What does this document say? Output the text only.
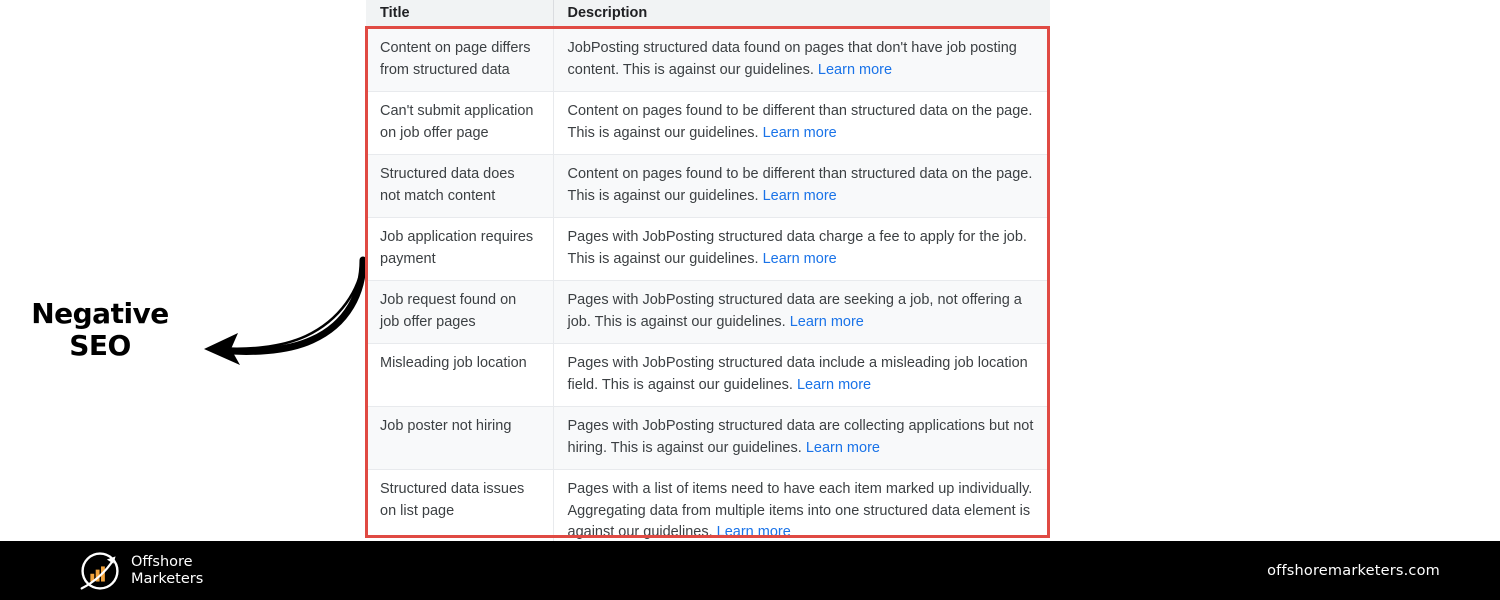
Negative
SEO
Title	Description
Content on page differs from structured data	JobPosting structured data found on pages that don't have job posting content. This is against our guidelines. Learn more
Can't submit application on job offer page	Content on pages found to be different than structured data on the page. This is against our guidelines. Learn more
Structured data does not match content	Content on pages found to be different than structured data on the page. This is against our guidelines. Learn more
Job application requires payment	Pages with JobPosting structured data charge a fee to apply for the job. This is against our guidelines. Learn more
Job request found on job offer pages	Pages with JobPosting structured data are seeking a job, not offering a job. This is against our guidelines. Learn more
Misleading job location	Pages with JobPosting structured data include a misleading job location field. This is against our guidelines. Learn more
Job poster not hiring	Pages with JobPosting structured data are collecting applications but not hiring. This is against our guidelines. Learn more
Structured data issues on list page	Pages with a list of items need to have each item marked up individually. Aggregating data from multiple items into one structured data element is against our guidelines. Learn more

Offshore
Marketers	offshoremarketers.com
